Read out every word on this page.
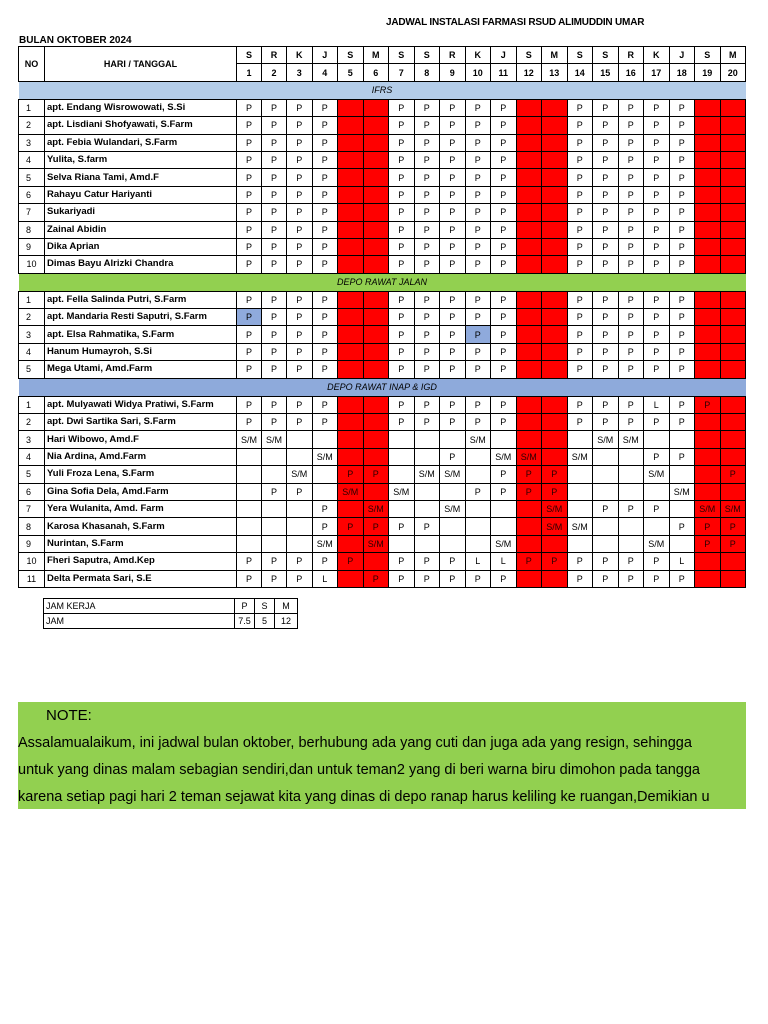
JADWAL INSTALASI FARMASI RSUD ALIMUDDIN UMAR
BULAN OKTOBER 2024
NO	HARI / TANGGAL	S	R	K	J	S	M	S	S	R	K	J	S	M	S	S	R	K	J	S	M
		1	2	3	4	5	6	7	8	9	10	11	12	13	14	15	16	17	18	19	20
IFRS																					
1	apt. Endang Wisrowowati, S.Si	P	P	P	P			P	P	P	P	P			P	P	P	P	P		
2	apt. Lisdiani Shofyawati, S.Farm	P	P	P	P			P	P	P	P	P			P	P	P	P	P		
3	apt. Febia Wulandari, S.Farm	P	P	P	P			P	P	P	P	P			P	P	P	P	P		
4	Yulita, S.farm	P	P	P	P			P	P	P	P	P			P	P	P	P	P		
5	Selva Riana Tami, Amd.F	P	P	P	P			P	P	P	P	P			P	P	P	P	P		
6	Rahayu Catur Hariyanti	P	P	P	P			P	P	P	P	P			P	P	P	P	P		
7	Sukariyadi	P	P	P	P			P	P	P	P	P			P	P	P	P	P		
8	Zainal Abidin	P	P	P	P			P	P	P	P	P			P	P	P	P	P		
9	Dika Aprian	P	P	P	P			P	P	P	P	P			P	P	P	P	P		
10	Dimas Bayu Alrizki Chandra	P	P	P	P			P	P	P	P	P			P	P	P	P	P		
DEPO RAWAT JALAN																					
1	apt. Fella Salinda Putri, S.Farm	P	P	P	P			P	P	P	P	P			P	P	P	P	P		
2	apt. Mandaria Resti Saputri, S.Farm	P	P	P	P			P	P	P	P	P			P	P	P	P	P		
3	apt. Elsa Rahmatika, S.Farm	P	P	P	P			P	P	P	P	P			P	P	P	P	P		
4	Hanum Humayroh, S.Si	P	P	P	P			P	P	P	P	P			P	P	P	P	P		
5	Mega Utami, Amd.Farm	P	P	P	P			P	P	P	P	P			P	P	P	P	P		
DEPO RAWAT INAP & IGD																					
1	apt. Mulyawati Widya Pratiwi, S.Farm	P	P	P	P			P	P	P	P	P			P	P	P	L	P	P	
2	apt. Dwi Sartika Sari, S.Farm	P	P	P	P			P	P	P	P	P			P	P	P	P	P		
3	Hari Wibowo, Amd.F	S/M	S/M								S/M					S/M	S/M				
4	Nia Ardina, Amd.Farm				S/M					P		S/M	S/M		S/M			P	P		
5	Yuli Froza Lena, S.Farm			S/M		P	P		S/M	S/M		P	P	P				S/M			P
6	Gina Sofia Dela, Amd.Farm		P	P		S/M		S/M			P	P	P	P					S/M		
7	Yera Wulanita, Amd. Farm				P		S/M			S/M				S/M		P	P	P		S/M	S/M
8	Karosa Khasanah, S.Farm				P	P	P	P	P					S/M	S/M				P	P	P
9	Nurintan, S.Farm				S/M		S/M					S/M						S/M		P	P
10	Fheri Saputra, Amd.Kep	P	P	P	P	P		P	P	P	L	L	P	P	P	P	P	P	L		
11	Delta Permata Sari, S.E	P	P	P	L		P	P	P	P	P	P			P	P	P	P	P		
JAM KERJA	P	S	M
JAM	7.5	5	12
NOTE:
Assalamualaikum, ini jadwal bulan oktober, berhubung ada yang cuti dan juga ada yang resign, sehingga
untuk yang dinas malam sebagian sendiri,dan untuk teman2 yang di beri warna biru dimohon pada tangga
karena setiap pagi hari 2 teman sejawat kita yang dinas di depo ranap harus keliling ke ruangan,Demikian u
